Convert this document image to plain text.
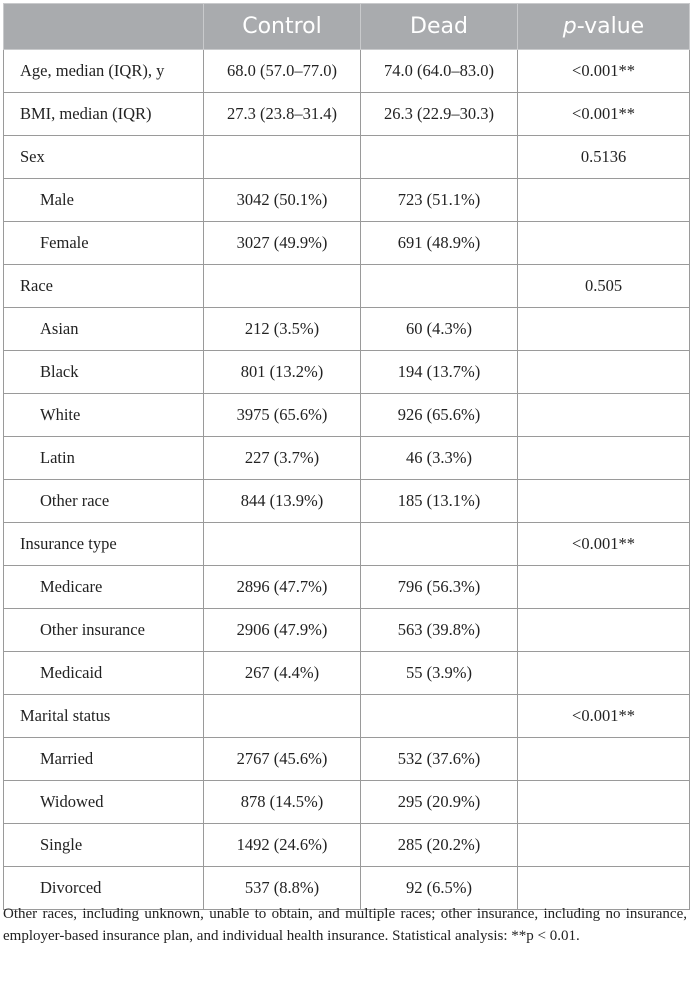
	Control	Dead	p-value
Age, median (IQR), y	68.0 (57.0–77.0)	74.0 (64.0–83.0)	<0.001**
BMI, median (IQR)	27.3 (23.8–31.4)	26.3 (22.9–30.3)	<0.001**
Sex			0.5136
Male	3042 (50.1%)	723 (51.1%)	
Female	3027 (49.9%)	691 (48.9%)	
Race			0.505
Asian	212 (3.5%)	60 (4.3%)	
Black	801 (13.2%)	194 (13.7%)	
White	3975 (65.6%)	926 (65.6%)	
Latin	227 (3.7%)	46 (3.3%)	
Other race	844 (13.9%)	185 (13.1%)	
Insurance type			<0.001**
Medicare	2896 (47.7%)	796 (56.3%)	
Other insurance	2906 (47.9%)	563 (39.8%)	
Medicaid	267 (4.4%)	55 (3.9%)	
Marital status			<0.001**
Married	2767 (45.6%)	532 (37.6%)	
Widowed	878 (14.5%)	295 (20.9%)	
Single	1492 (24.6%)	285 (20.2%)	
Divorced	537 (8.8%)	92 (6.5%)	
Other races, including unknown, unable to obtain, and multiple races; other insurance, including no insurance, employer-based insurance plan, and individual health insurance. Statistical analysis: **p < 0.01.
